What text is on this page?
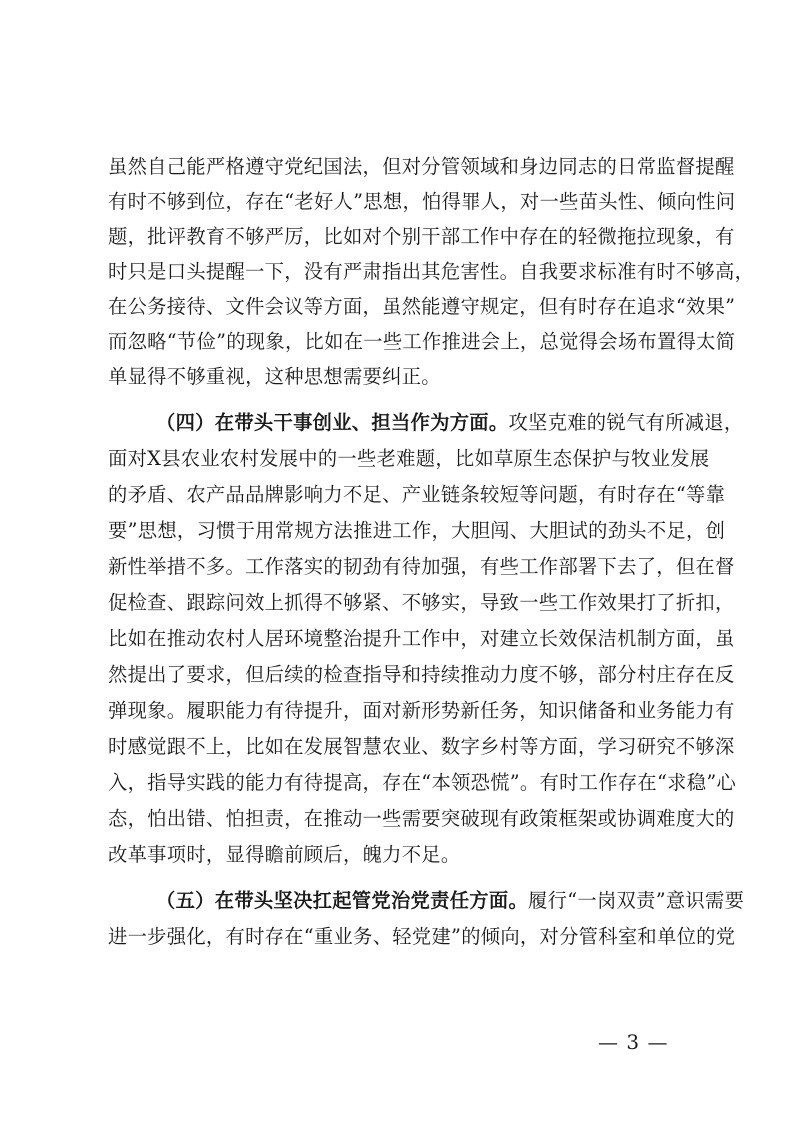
虽然自己能严格遵守党纪国法，但对分管领域和身边同志的日常监督提醒
有时不够到位，存在“老好人”思想，怕得罪人，对一些苗头性、倾向性问
题，批评教育不够严厉，比如对个别干部工作中存在的轻微拖拉现象，有
时只是口头提醒一下，没有严肃指出其危害性。自我要求标准有时不够高，
在公务接待、文件会议等方面，虽然能遵守规定，但有时存在追求“效果”
而忽略“节俭”的现象，比如在一些工作推进会上，总觉得会场布置得太简
单显得不够重视，这种思想需要纠正。
（四）在带头干事创业、担当作为方面。攻坚克难的锐气有所减退，
面对X县农业农村发展中的一些老难题，比如草原生态保护与牧业发展
的矛盾、农产品品牌影响力不足、产业链条较短等问题，有时存在“等靠
要”思想，习惯于用常规方法推进工作，大胆闯、大胆试的劲头不足，创
新性举措不多。工作落实的韧劲有待加强，有些工作部署下去了，但在督
促检查、跟踪问效上抓得不够紧、不够实，导致一些工作效果打了折扣，
比如在推动农村人居环境整治提升工作中，对建立长效保洁机制方面，虽
然提出了要求，但后续的检查指导和持续推动力度不够，部分村庄存在反
弹现象。履职能力有待提升，面对新形势新任务，知识储备和业务能力有
时感觉跟不上，比如在发展智慧农业、数字乡村等方面，学习研究不够深
入，指导实践的能力有待提高，存在“本领恐慌”。有时工作存在“求稳”心
态，怕出错、怕担责，在推动一些需要突破现有政策框架或协调难度大的
改革事项时，显得瞻前顾后，魄力不足。
（五）在带头坚决扛起管党治党责任方面。履行“一岗双责”意识需要
进一步强化，有时存在“重业务、轻党建”的倾向，对分管科室和单位的党
— 3 —
